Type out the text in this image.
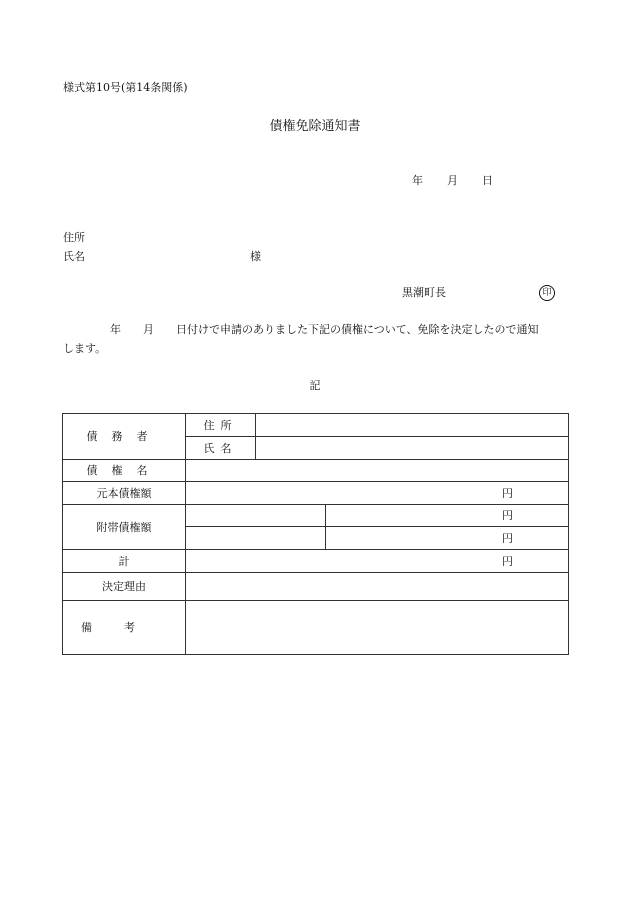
様式第10号(第14条関係)
債権免除通知書
年 月 日
住所
氏名	様
黒潮町長	印
年　　月　　日付けで申請のありました下記の債権について、免除を決定したので通知
します。
記
債務者	住所		
	氏名		
債権名			
元本債権額	円		
附帯債権額			円
			円
計	円		
決定理由			
備考			
